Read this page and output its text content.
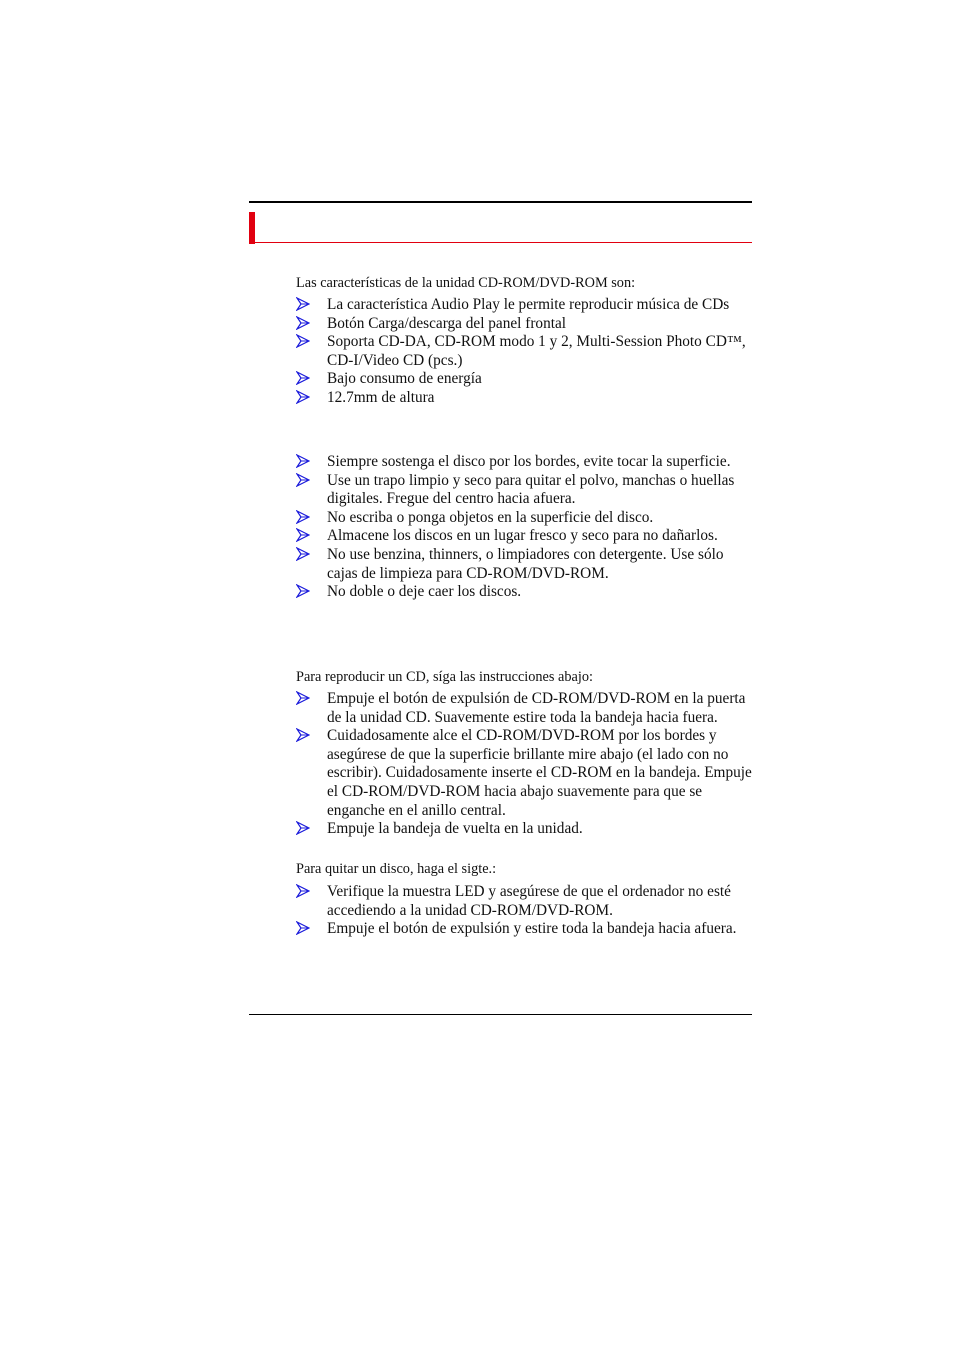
Las características de la unidad CD-ROM/DVD-ROM son:
La característica Audio Play le permite reproducir música de CDs
Botón Carga/descarga del panel frontal
Soporta CD-DA, CD-ROM modo 1 y 2, Multi-Session Photo CD™, CD-I/Video CD (pcs.)
Bajo consumo de energía
12.7mm de altura
Siempre sostenga el disco por los bordes, evite tocar la superficie.
Use un trapo limpio y seco para quitar el polvo, manchas o huellas digitales. Fregue del centro hacia afuera.
No escriba o ponga objetos en la superficie del disco.
Almacene los discos en un lugar fresco y seco para no dañarlos.
No use benzina, thinners, o limpiadores con detergente. Use sólo cajas de limpieza para CD-ROM/DVD-ROM.
No doble o deje caer los discos.
Para reproducir un CD, síga las instrucciones abajo:
Empuje el botón de expulsión de CD-ROM/DVD-ROM en la puerta de la unidad CD. Suavemente estire toda la bandeja hacia fuera.
Cuidadosamente alce el CD-ROM/DVD-ROM por los bordes y asegúrese de que la superficie brillante mire abajo (el lado con no escribir). Cuidadosamente inserte el CD-ROM en la bandeja. Empuje el CD-ROM/DVD-ROM hacia abajo suavemente para que se enganche en el anillo central.
Empuje la bandeja de vuelta en la unidad.
Para quitar un disco, haga el sigte.:
Verifique la muestra LED y asegúrese de que el ordenador no esté accediendo a la unidad CD-ROM/DVD-ROM.
Empuje el botón de expulsión y estire toda la bandeja hacia afuera.
